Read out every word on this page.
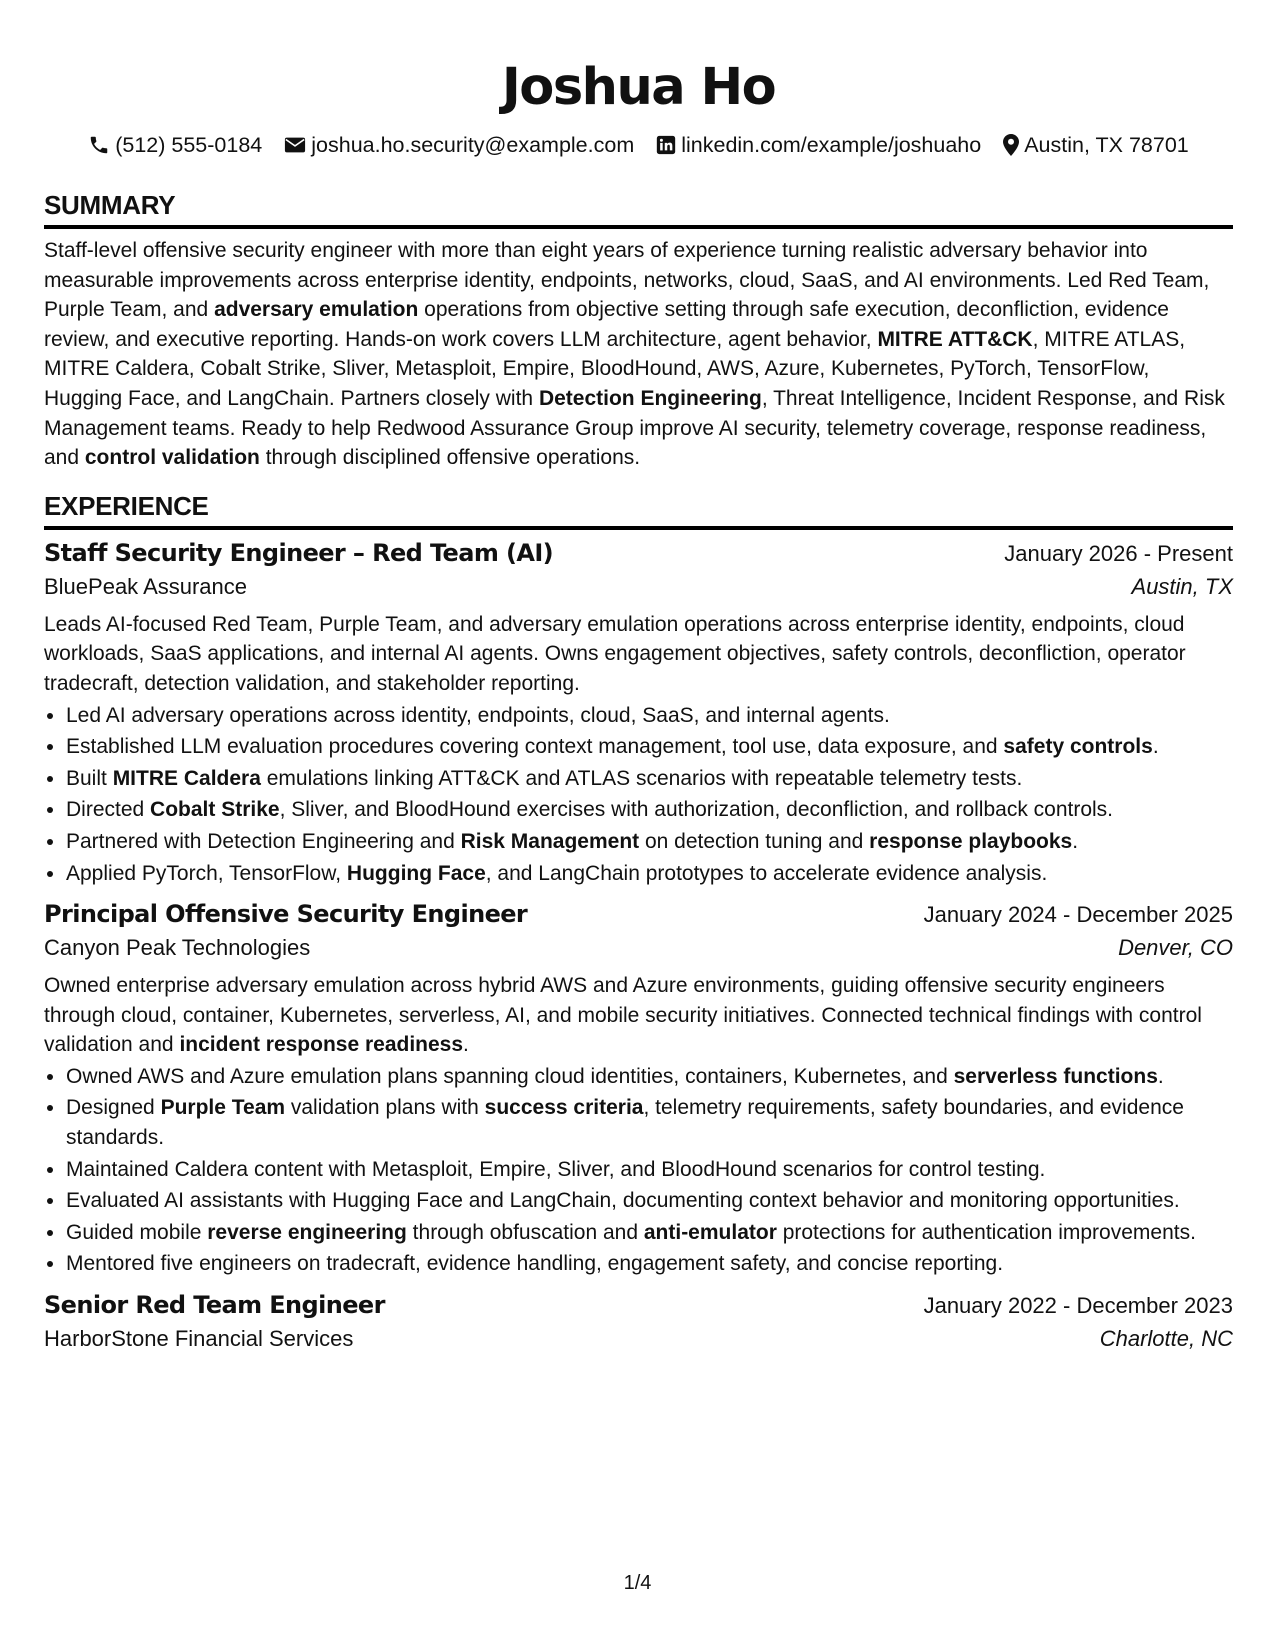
Joshua Ho
(512) 555-0184 joshua.ho.security@example.com linkedin.com/example/joshuaho Austin, TX 78701
SUMMARY

Staff-level offensive security engineer with more than eight years of experience turning realistic adversary behavior into measurable improvements across enterprise identity, endpoints, networks, cloud, SaaS, and AI environments. Led Red Team, Purple Team, and adversary emulation operations from objective setting through safe execution, deconfliction, evidence review, and executive reporting. Hands-on work covers LLM architecture, agent behavior, MITRE ATT&CK, MITRE ATLAS, MITRE Caldera, Cobalt Strike, Sliver, Metasploit, Empire, BloodHound, AWS, Azure, Kubernetes, PyTorch, TensorFlow, Hugging Face, and LangChain. Partners closely with Detection Engineering, Threat Intelligence, Incident Response, and Risk Management teams. Ready to help Redwood Assurance Group improve AI security, telemetry coverage, response readiness, and control validation through disciplined offensive operations.

EXPERIENCE
Staff Security Engineer – Red Team (AI)	January 2026 - Present
BluePeak Assurance	Austin, TX

Leads AI-focused Red Team, Purple Team, and adversary emulation operations across enterprise identity, endpoints, cloud workloads, SaaS applications, and internal AI agents. Owns engagement objectives, safety controls, deconfliction, operator tradecraft, detection validation, and stakeholder reporting.

• Led AI adversary operations across identity, endpoints, cloud, SaaS, and internal agents.
• Established LLM evaluation procedures covering context management, tool use, data exposure, and safety controls.
• Built MITRE Caldera emulations linking ATT&CK and ATLAS scenarios with repeatable telemetry tests.
• Directed Cobalt Strike, Sliver, and BloodHound exercises with authorization, deconfliction, and rollback controls.
• Partnered with Detection Engineering and Risk Management on detection tuning and response playbooks.
• Applied PyTorch, TensorFlow, Hugging Face, and LangChain prototypes to accelerate evidence analysis.
Principal Offensive Security Engineer	January 2024 - December 2025
Canyon Peak Technologies	Denver, CO

Owned enterprise adversary emulation across hybrid AWS and Azure environments, guiding offensive security engineers through cloud, container, Kubernetes, serverless, AI, and mobile security initiatives. Connected technical findings with control validation and incident response readiness.

• Owned AWS and Azure emulation plans spanning cloud identities, containers, Kubernetes, and serverless functions.
• Designed Purple Team validation plans with success criteria, telemetry requirements, safety boundaries, and evidence standards.
• Maintained Caldera content with Metasploit, Empire, Sliver, and BloodHound scenarios for control testing.
• Evaluated AI assistants with Hugging Face and LangChain, documenting context behavior and monitoring opportunities.
• Guided mobile reverse engineering through obfuscation and anti-emulator protections for authentication improvements.
• Mentored five engineers on tradecraft, evidence handling, engagement safety, and concise reporting.
Senior Red Team Engineer	January 2022 - December 2023
HarborStone Financial Services	Charlotte, NC
1/4
